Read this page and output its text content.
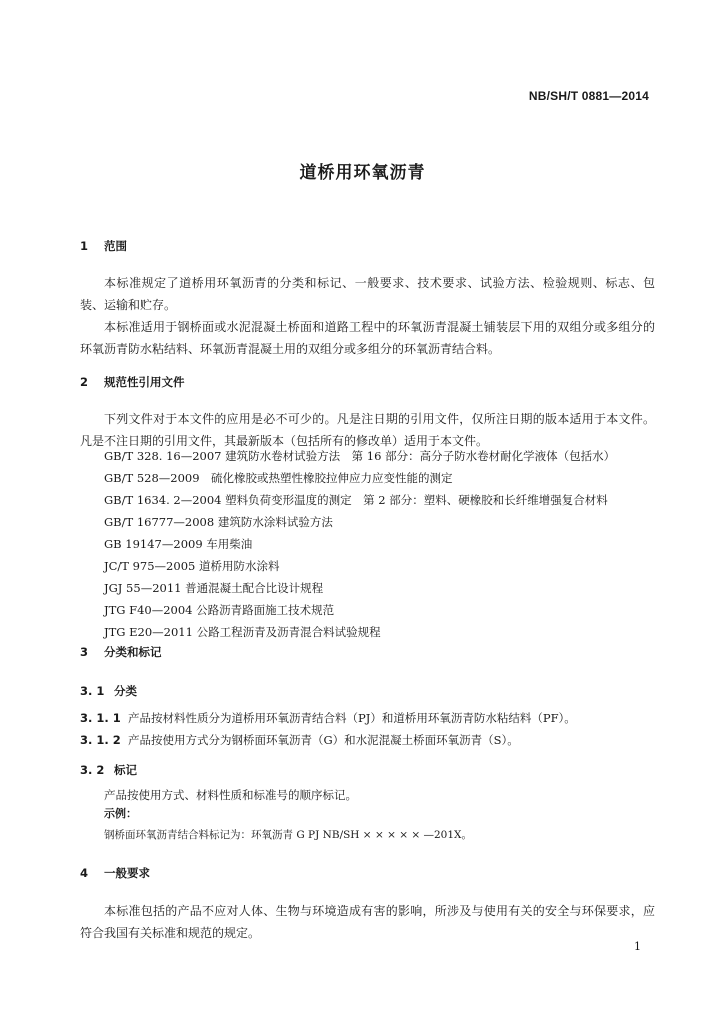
NB/SH/T 0881—2014
道桥用环氧沥青
1 范围
本标准规定了道桥用环氧沥青的分类和标记、一般要求、技术要求、试验方法、检验规则、标志、包装、运输和贮存。
本标准适用于钢桥面或水泥混凝土桥面和道路工程中的环氧沥青混凝土铺装层下用的双组分或多组分的环氧沥青防水粘结料、环氧沥青混凝土用的双组分或多组分的环氧沥青结合料。
2 规范性引用文件
下列文件对于本文件的应用是必不可少的。凡是注日期的引用文件，仅所注日期的版本适用于本文件。凡是不注日期的引用文件，其最新版本（包括所有的修改单）适用于本文件。
GB/T 328. 16—2007 建筑防水卷材试验方法　第 16 部分：高分子防水卷材耐化学液体（包括水）
GB/T 528—2009　硫化橡胶或热塑性橡胶拉伸应力应变性能的测定
GB/T 1634. 2—2004 塑料负荷变形温度的测定　第 2 部分：塑料、硬橡胶和长纤维增强复合材料
GB/T 16777—2008 建筑防水涂料试验方法
GB 19147—2009 车用柴油
JC/T 975—2005 道桥用防水涂料
JGJ 55—2011 普通混凝土配合比设计规程
JTG F40—2004 公路沥青路面施工技术规范
JTG E20—2011 公路工程沥青及沥青混合料试验规程
3 分类和标记
3. 1 分类
3. 1. 1 产品按材料性质分为道桥用环氧沥青结合料（PJ）和道桥用环氧沥青防水粘结料（PF）。
3. 1. 2 产品按使用方式分为钢桥面环氧沥青（G）和水泥混凝土桥面环氧沥青（S）。
3. 2 标记
产品按使用方式、材料性质和标准号的顺序标记。
示例：
钢桥面环氧沥青结合料标记为：环氧沥青 G PJ NB/SH × × × × × —201X。
4 一般要求
本标准包括的产品不应对人体、生物与环境造成有害的影响，所涉及与使用有关的安全与环保要求，应符合我国有关标准和规范的规定。
1
